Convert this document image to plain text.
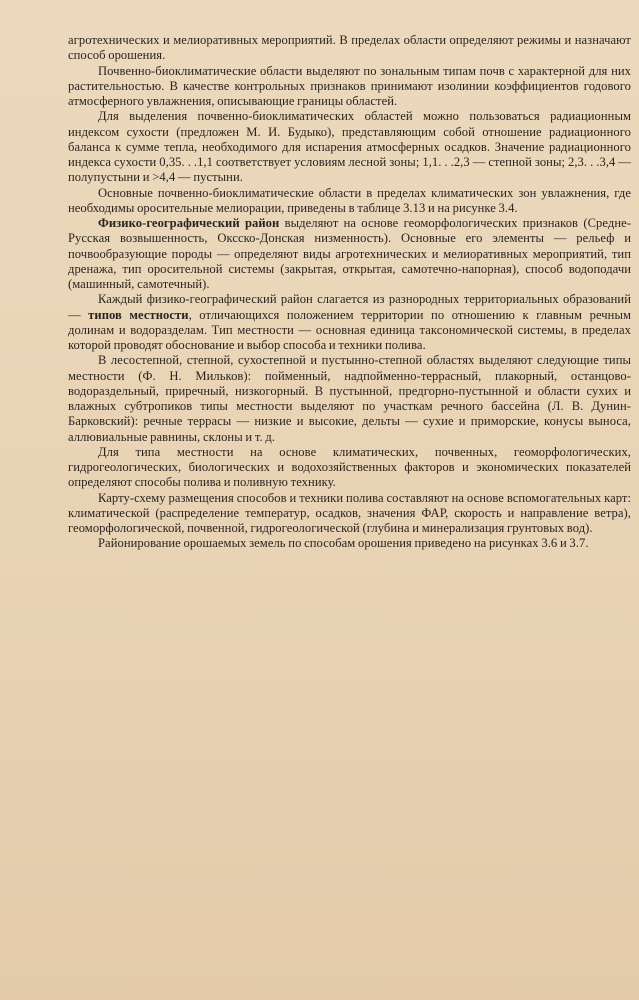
агротехнических и мелиоративных мероприятий. В пределах области определяют режимы и назначают способ орошения.

Почвенно-биоклиматические области выделяют по зональным типам почв с характерной для них растительностью. В качестве контрольных признаков принимают изолинии коэффициентов годового атмосферного увлажнения, описывающие границы областей.

Для выделения почвенно-биоклиматических областей можно пользоваться радиационным индексом сухости (предложен М. И. Будыко), представляющим собой отношение радиационного баланса к сумме тепла, необходимого для испарения атмосферных осадков. Значение радиационного индекса сухости 0,35. . .1,1 соответствует условиям лесной зоны; 1,1. . .2,3 — степной зоны; 2,3. . .3,4 — полупустыни и >4,4 — пустыни.

Основные почвенно-биоклиматические области в пределах климатических зон увлажнения, где необходимы оросительные мелиорации, приведены в таблице 3.13 и на рисунке 3.4.

Физико-географический район выделяют на основе геоморфологических признаков (Средне-Русская возвышенность, Оксско-Донская низменность). Основные его элементы — рельеф и почвообразующие породы — определяют виды агротехнических и мелиоративных мероприятий, тип дренажа, тип оросительной системы (закрытая, открытая, самотечно-напорная), способ водоподачи (машинный, самотечный).

Каждый физико-географический район слагается из разнородных территориальных образований — типов местности, отличающихся положением территории по отношению к главным речным долинам и водоразделам. Тип местности — основная единица таксономической системы, в пределах которой проводят обоснование и выбор способа и техники полива.

В лесостепной, степной, сухостепной и пустынно-степной областях выделяют следующие типы местности (Ф. Н. Мильков): пойменный, надпойменно-террасный, плакорный, останцово-водораздельный, приречный, низкогорный. В пустынной, предгорно-пустынной и области сухих и влажных субтропиков типы местности выделяют по участкам речного бассейна (Л. В. Дунин-Барковский): речные террасы — низкие и высокие, дельты — сухие и приморские, конусы выноса, аллювиальные равнины, склоны и т. д.

Для типа местности на основе климатических, почвенных, геоморфологических, гидрогеологических, биологических и водохозяйственных факторов и экономических показателей определяют способы полива и поливную технику.

Карту-схему размещения способов и техники полива составляют на основе вспомогательных карт: климатической (распределение температур, осадков, значения ФАР, скорость и направление ветра), геоморфологической, почвенной, гидрогеологической (глубина и минерализация грунтовых вод).

Районирование орошаемых земель по способам орошения приведено на рисунках 3.6 и 3.7.
